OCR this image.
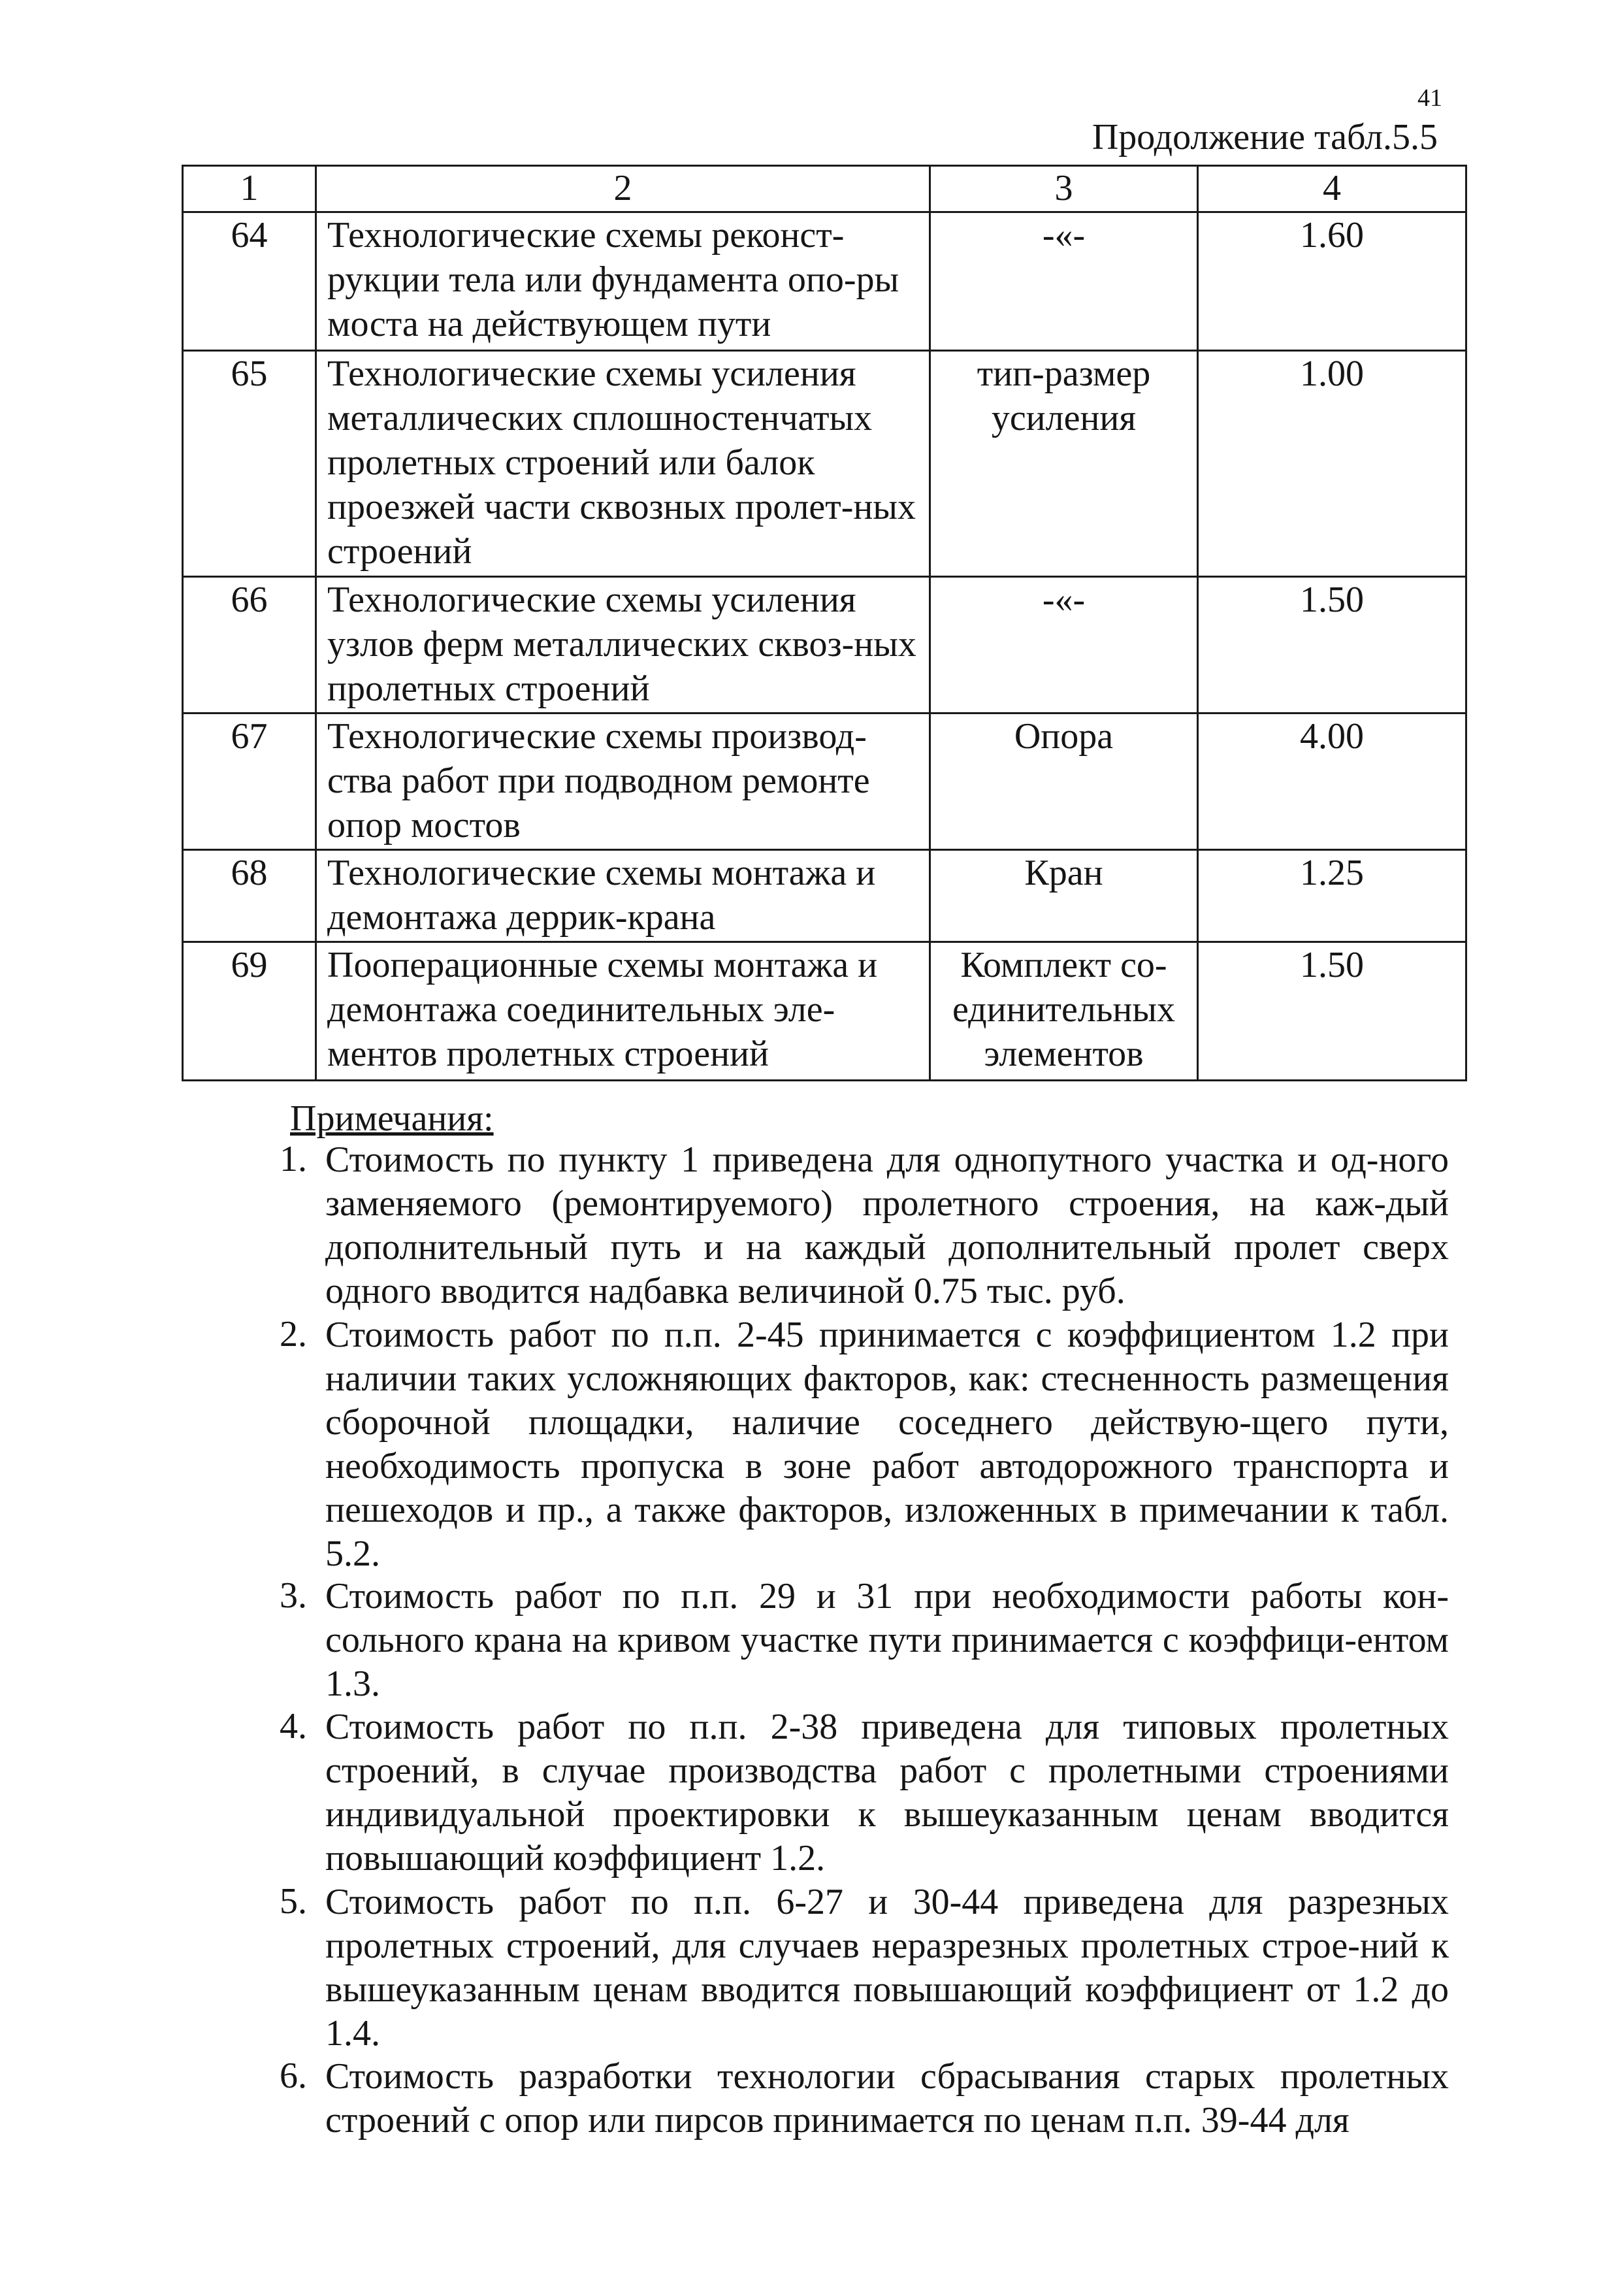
41
Продолжение табл.5.5
1	2	3	4
64	Технологические схемы реконст-рукции тела или фундамента опо-ры моста на действующем пути	-«-	1.60
65	Технологические схемы усиления металлических сплошностенчатых пролетных строений или балок проезжей части сквозных пролет-ных строений	тип-размер усиления	1.00
66	Технологические схемы усиления узлов ферм металлических сквоз-ных пролетных строений	-«-	1.50
67	Технологические схемы производ-ства работ при подводном ремонте опор мостов	Опора	4.00
68	Технологические схемы монтажа и демонтажа деррик-крана	Кран	1.25
69	Пооперационные схемы монтажа и демонтажа соединительных эле-ментов пролетных строений	Комплект со-единительных элементов	1.50
Примечания:
1. Стоимость по пункту 1 приведена для однопутного участка и од-ного заменяемого (ремонтируемого) пролетного строения, на каж-дый дополнительный путь и на каждый дополнительный пролет сверх одного вводится надбавка величиной 0.75 тыс. руб.
2. Стоимость работ по п.п. 2-45 принимается с коэффициентом 1.2 при наличии таких усложняющих факторов, как: стесненность размещения сборочной площадки, наличие соседнего действую-щего пути, необходимость пропуска в зоне работ автодорожного транспорта и пешеходов и пр., а также факторов, изложенных в примечании к табл. 5.2.
3. Стоимость работ по п.п. 29 и 31 при необходимости работы кон-сольного крана на кривом участке пути принимается с коэффици-ентом 1.3.
4. Стоимость работ по п.п. 2-38 приведена для типовых пролетных строений, в случае производства работ с пролетными строениями индивидуальной проектировки к вышеуказанным ценам вводится повышающий коэффициент 1.2.
5. Стоимость работ по п.п. 6-27 и 30-44 приведена для разрезных пролетных строений, для случаев неразрезных пролетных строе-ний к вышеуказанным ценам вводится повышающий коэффициент от 1.2 до 1.4.
6. Стоимость разработки технологии сбрасывания старых пролетных строений с опор или пирсов принимается по ценам п.п. 39-44 для
